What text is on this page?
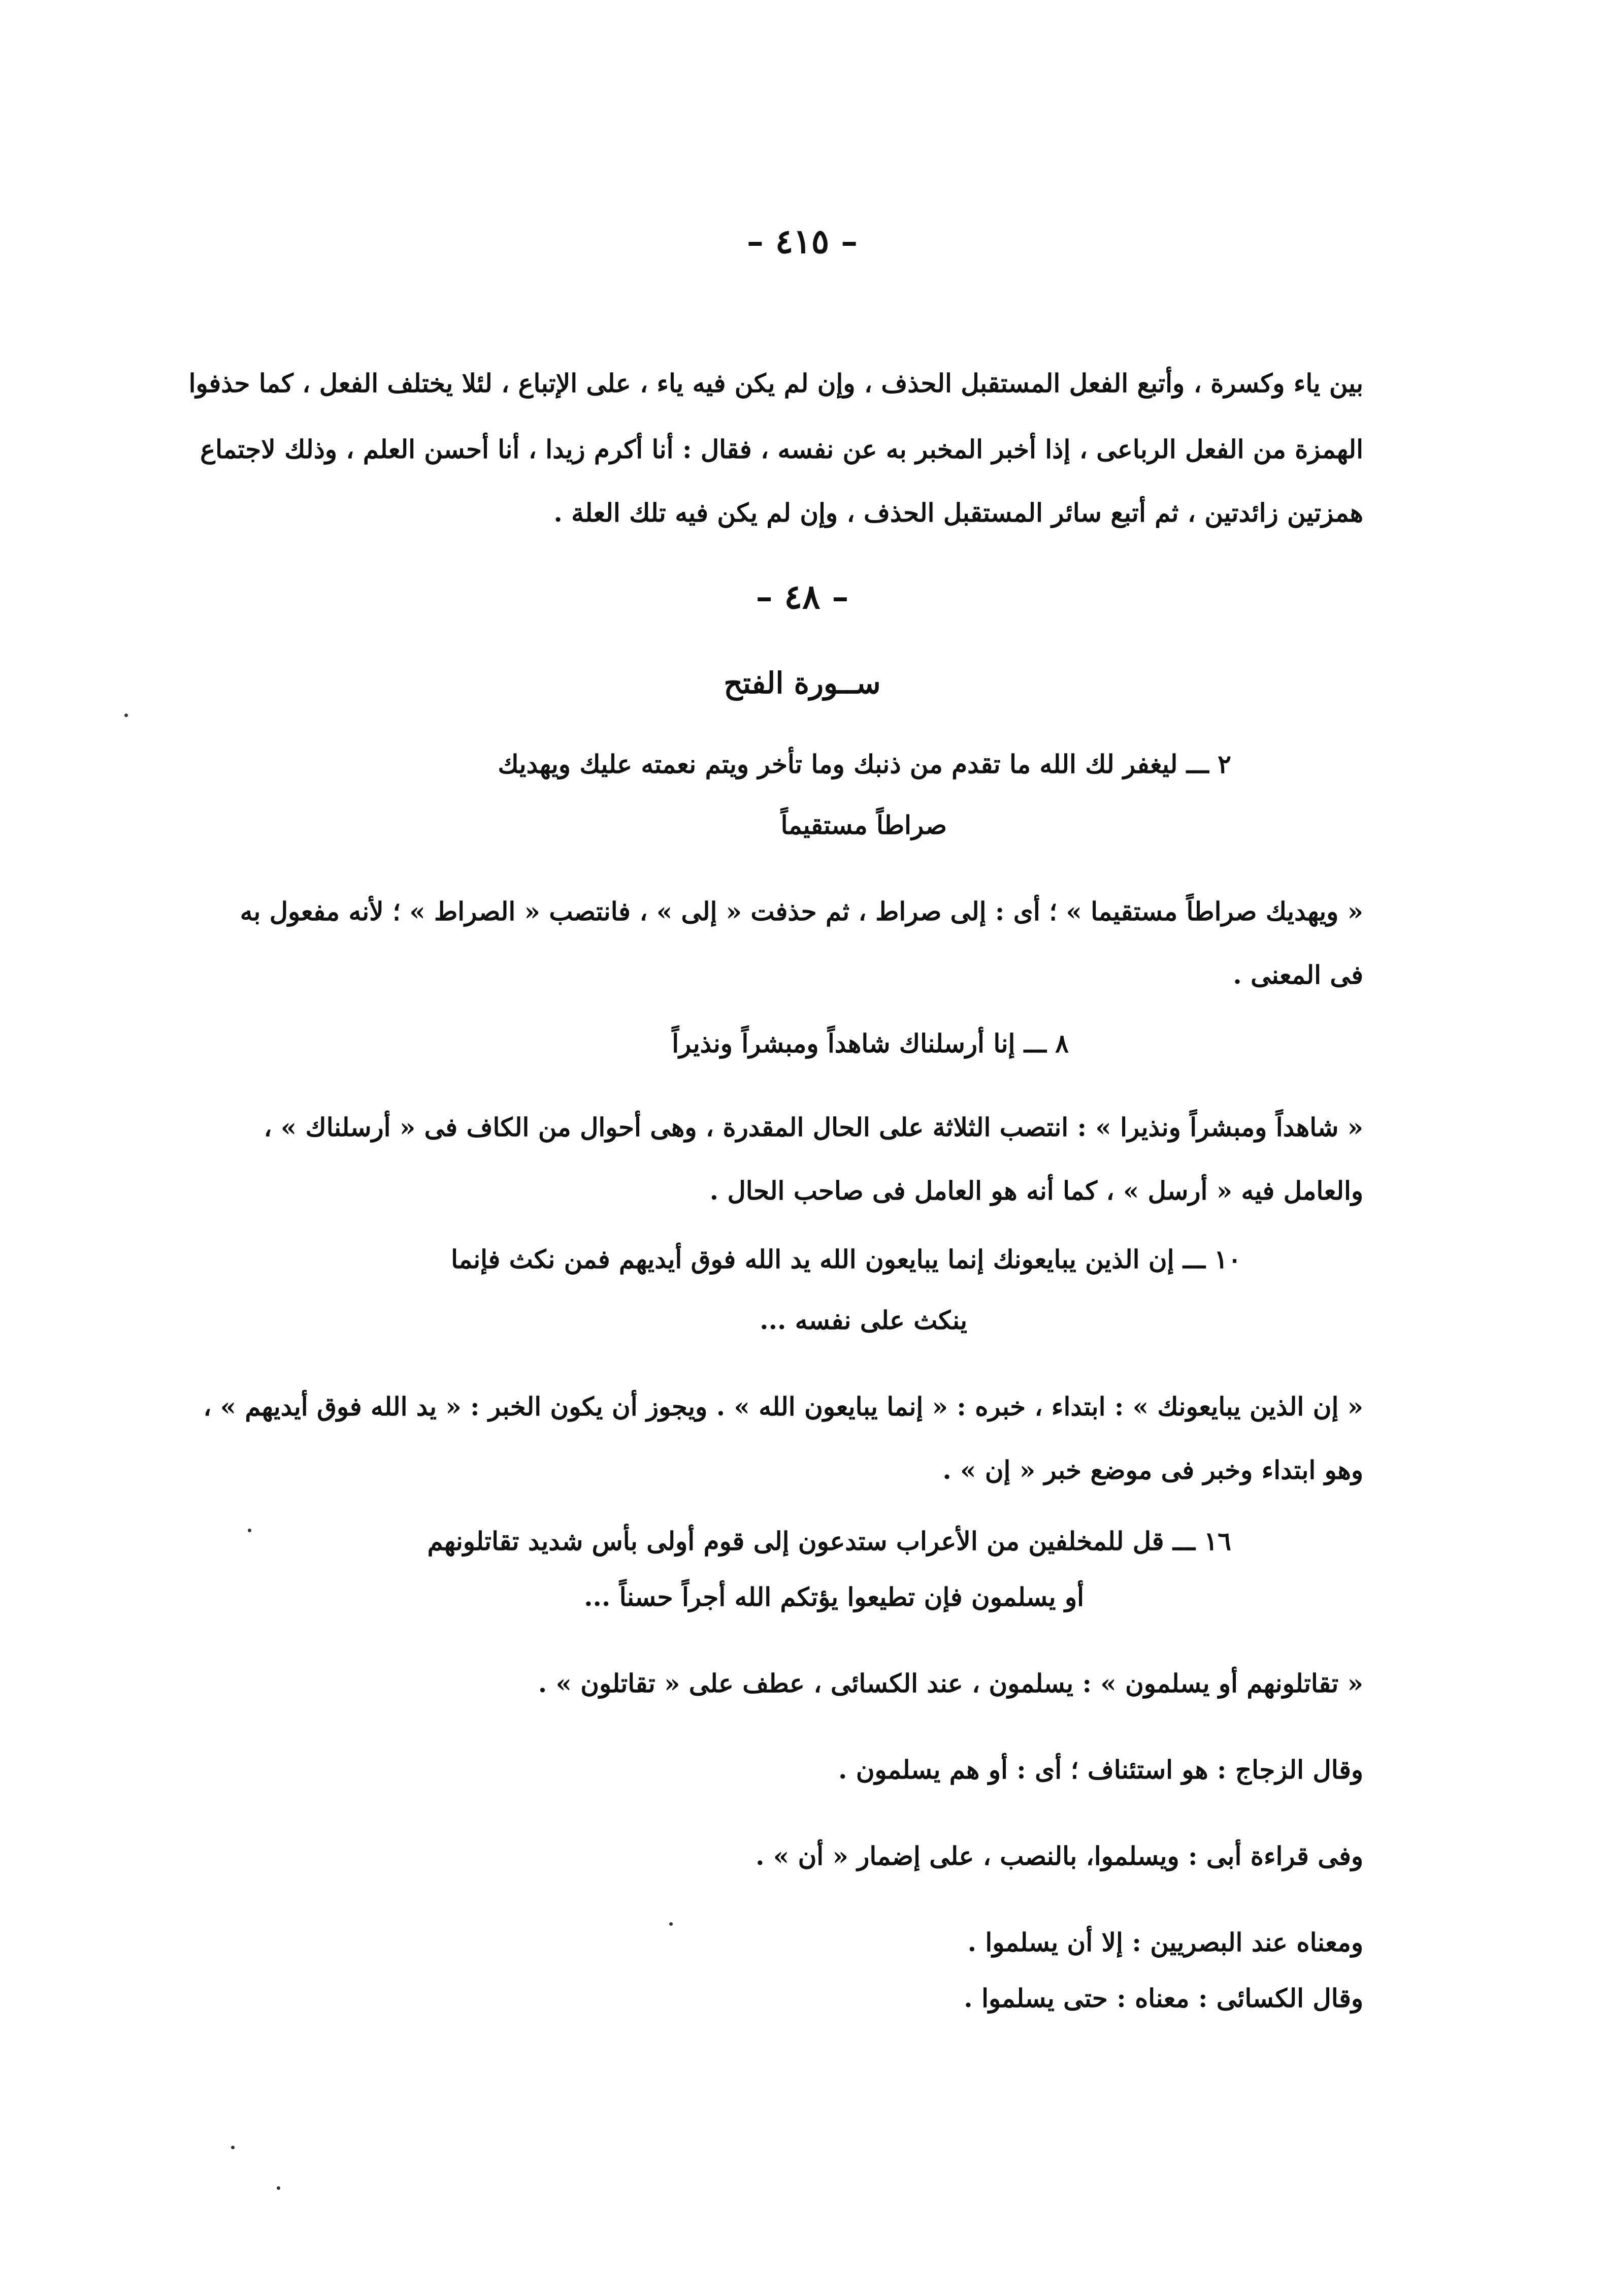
– ٤١٥ –
بين ياء وكسرة ، وأتبع الفعل المستقبل الحذف ، وإن لم يكن فيه ياء ، على الإتباع ، لئلا يختلف الفعل ، كما حذفوا
الهمزة من الفعل الرباعى ، إذا أخبر المخبر به عن نفسه ، فقال : أنا أكرم زيدا ، أنا أحسن العلم ، وذلك لاجتماع
همزتين زائدتين ، ثم أتبع سائر المستقبل الحذف ، وإن لم يكن فيه تلك العلة .
– ٤٨ –
ســورة الفتح
٢ ـــ ليغفر لك الله ما تقدم من ذنبك وما تأخر ويتم نعمته عليك ويهديك
صراطاً مستقيماً
« ويهديك صراطاً مستقيما » ؛ أى : إلى صراط ، ثم حذفت « إلى » ، فانتصب « الصراط » ؛ لأنه مفعول به
فى المعنى .
٨ ـــ إنا أرسلناك شاهداً ومبشراً ونذيراً
« شاهداً ومبشراً ونذيرا » : انتصب الثلاثة على الحال المقدرة ، وهى أحوال من الكاف فى « أرسلناك » ،
والعامل فيه « أرسل » ، كما أنه هو العامل فى صاحب الحال .
١٠ ـــ إن الذين يبايعونك إنما يبايعون الله يد الله فوق أيديهم فمن نكث فإنما
ينكث على نفسه ...
« إن الذين يبايعونك » : ابتداء ، خبره : « إنما يبايعون الله » . ويجوز أن يكون الخبر : « يد الله فوق أيديهم » ،
وهو ابتداء وخبر فى موضع خبر « إن » .
١٦ ـــ قل للمخلفين من الأعراب ستدعون إلى قوم أولى بأس شديد تقاتلونهم
أو يسلمون فإن تطيعوا يؤتكم الله أجراً حسناً ...
« تقاتلونهم أو يسلمون » : يسلمون ، عند الكسائى ، عطف على « تقاتلون » .
وقال الزجاج : هو استئناف ؛ أى : أو هم يسلمون .
وفى قراءة أبى : ويسلموا، بالنصب ، على إضمار « أن » .
ومعناه عند البصريين : إلا أن يسلموا .
وقال الكسائى : معناه : حتى يسلموا .
